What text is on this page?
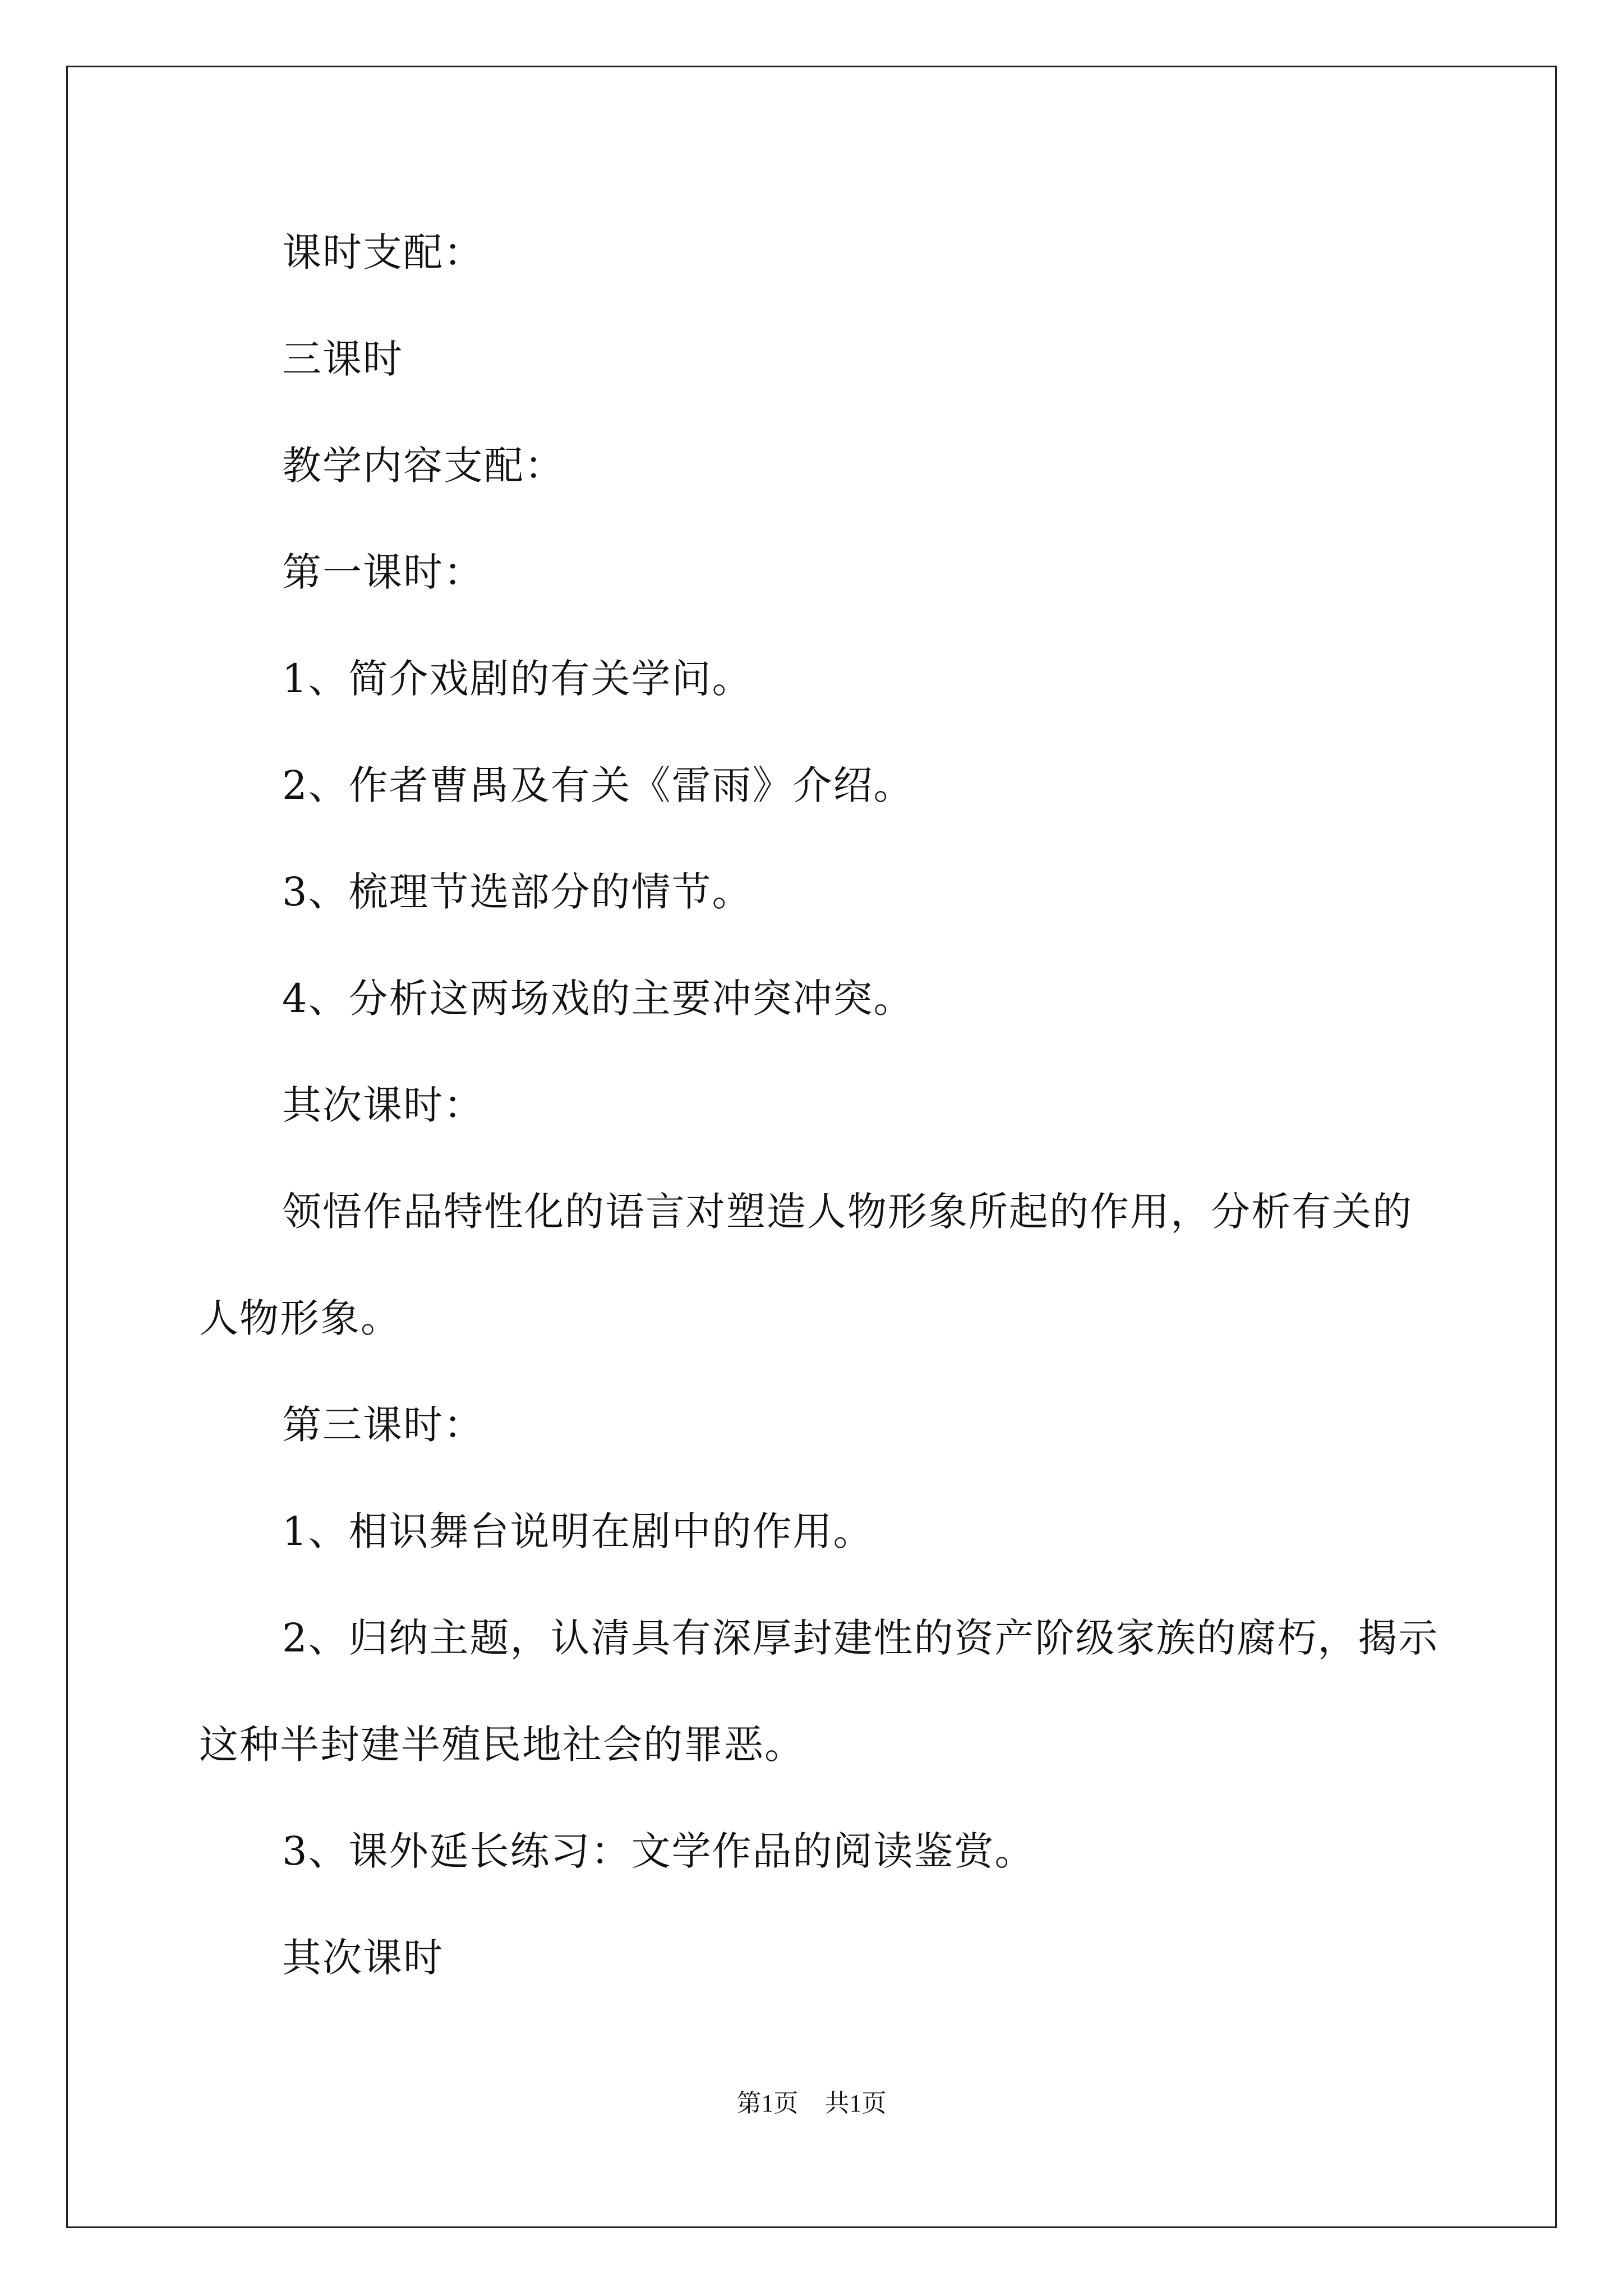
课时支配：
三课时
教学内容支配：
第一课时：
1、简介戏剧的有关学问。
2、作者曹禺及有关《雷雨》介绍。
3、梳理节选部分的情节。
4、分析这两场戏的主要冲突冲突。
其次课时：
领悟作品特性化的语言对塑造人物形象所起的作用，分析有关的
人物形象。
第三课时：
1、相识舞台说明在剧中的作用。
2、归纳主题，认清具有深厚封建性的资产阶级家族的腐朽，揭示
这种半封建半殖民地社会的罪恶。
3、课外延长练习：文学作品的阅读鉴赏。
其次课时
第1页 共1页
